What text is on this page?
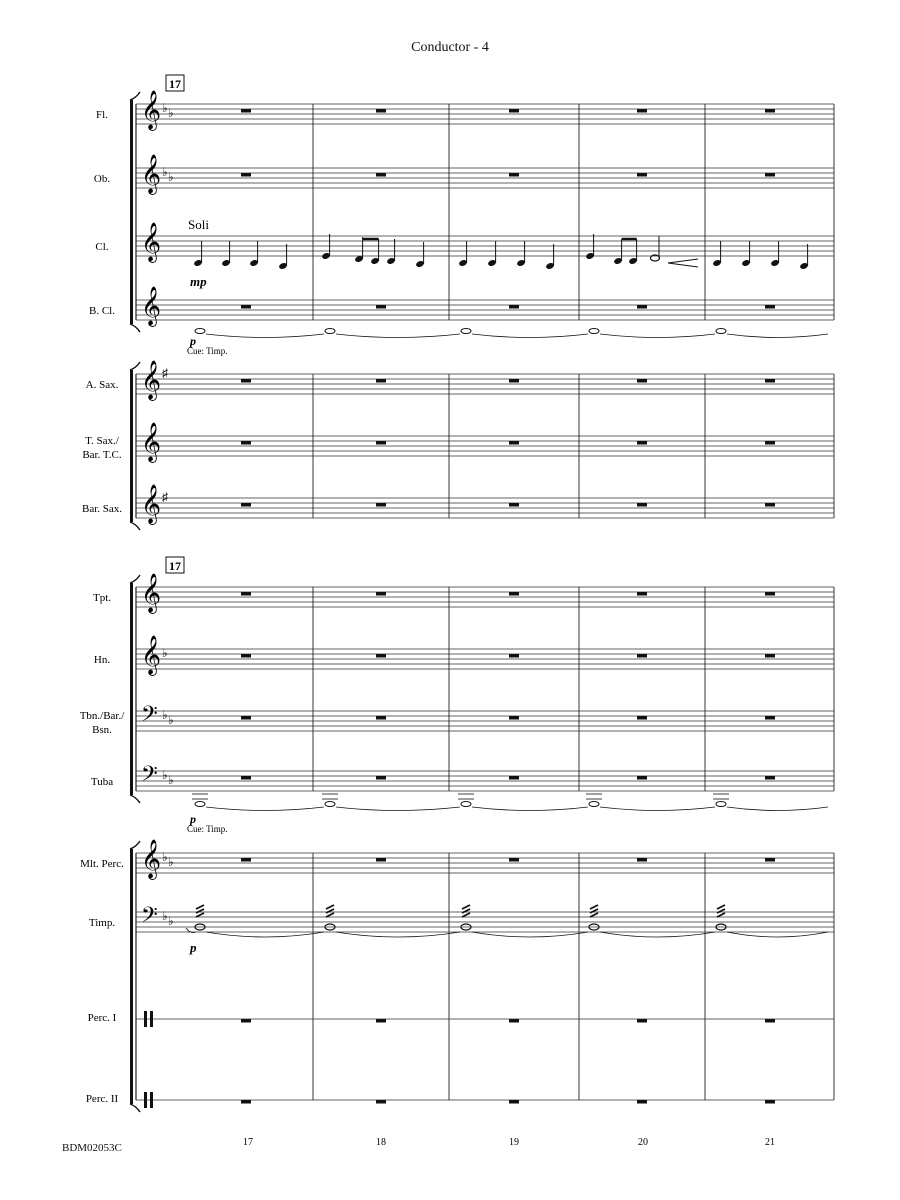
Conductor - 4
BDM02053C
Fl.
Ob.
Cl.
B. Cl.
A. Sax.
T. Sax./ Bar. T.C.
Bar. Sax.
Tpt.
Hn.
Tbn./Bar./ Bsn.
Tuba
Mlt. Perc.
Timp.
Perc. I
Perc. II
𝄞 ♭ ♭
𝄞 ♭ ♭
𝄞
𝄞
𝄞 ♯
𝄞
𝄞 ♯
𝄞
𝄞 ♭
𝄢 ♭ ♭
𝄢 ♭ ♭
𝄞 ♭ ♭
𝄢 ♭ ♭
17
17
Soli
mp
Cue: Timp.
p
Cue: Timp.
p
p
17	18	19	20	21
